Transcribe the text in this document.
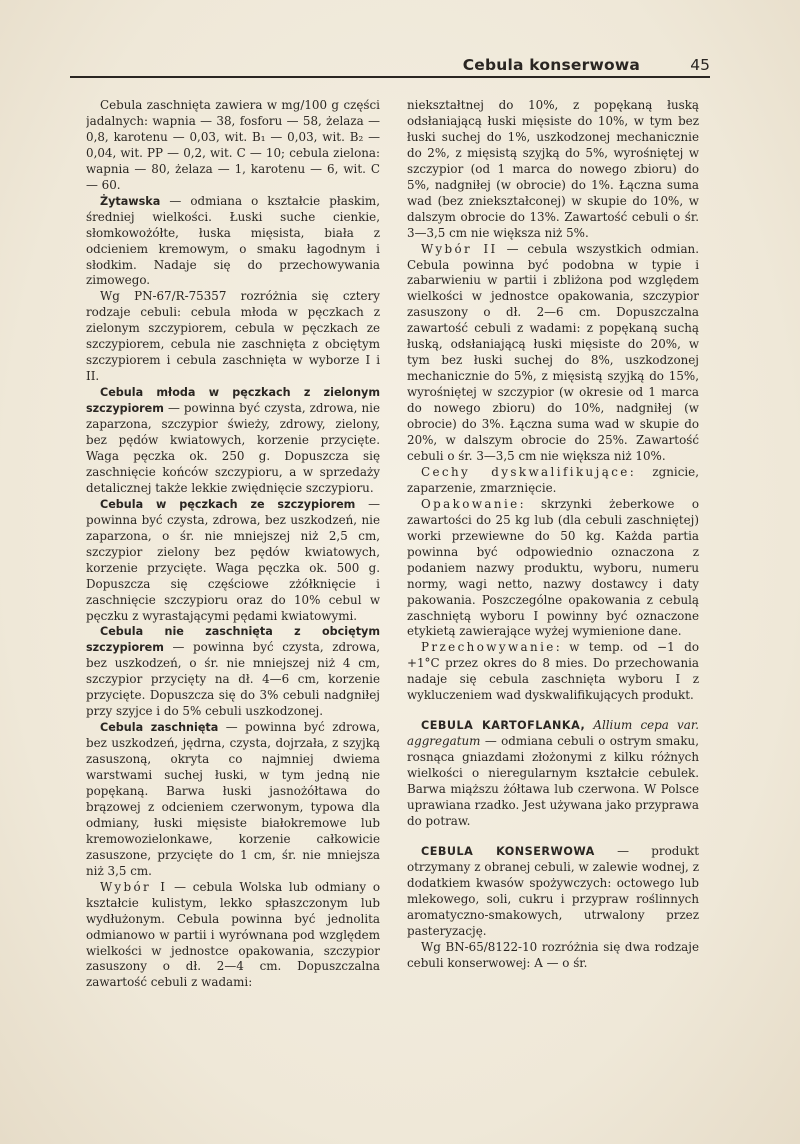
Cebula konserwowa	45

Cebula zaschnięta zawiera w mg/100 g części jadalnych: wapnia — 38, fosforu — 58, żelaza — 0,8, karotenu — 0,03, wit. B₁ — 0,03, wit. B₂ — 0,04, wit. PP — 0,2, wit. C — 10; cebula zielona: wapnia — 80, żelaza — 1, karotenu — 6, wit. C — 60.

Żytawska — odmiana o kształcie płaskim, średniej wielkości. Łuski suche cienkie, słomkowożółte, łuska mięsista, biała z odcieniem kremowym, o smaku łagodnym i słodkim. Nadaje się do przechowywania zimowego.

Wg PN-67/R-75357 rozróżnia się cztery rodzaje cebuli: cebula młoda w pęczkach z zielonym szczypiorem, cebula w pęczkach ze szczypiorem, cebula nie zaschnięta z obciętym szczypiorem i cebula zaschnięta w wyborze I i II.

Cebula młoda w pęczkach z zielonym szczypiorem — powinna być czysta, zdrowa, nie zaparzona, szczypior świeży, zdrowy, zielony, bez pędów kwiatowych, korzenie przycięte. Waga pęczka ok. 250 g. Dopuszcza się zaschnięcie końców szczypioru, a w sprzedaży detalicznej także lekkie zwiędnięcie szczypioru.

Cebula w pęczkach ze szczypiorem — powinna być czysta, zdrowa, bez uszkodzeń, nie zaparzona, o śr. nie mniejszej niż 2,5 cm, szczypior zielony bez pędów kwiatowych, korzenie przycięte. Waga pęczka ok. 500 g. Dopuszcza się częściowe zżółknięcie i zaschnięcie szczypioru oraz do 10% cebul w pęczku z wyrastającymi pędami kwiatowymi.

Cebula nie zaschnięta z obciętym szczypiorem — powinna być czysta, zdrowa, bez uszkodzeń, o śr. nie mniejszej niż 4 cm, szczypior przycięty na dł. 4—6 cm, korzenie przycięte. Dopuszcza się do 3% cebuli nadgniłej przy szyjce i do 5% cebuli uszkodzonej.

Cebula zaschnięta — powinna być zdrowa, bez uszkodzeń, jędrna, czysta, dojrzała, z szyjką zasuszoną, okryta co najmniej dwiema warstwami suchej łuski, w tym jedną nie popękaną. Barwa łuski jasnożółtawa do brązowej z odcieniem czerwonym, typowa dla odmiany, łuski mięsiste białokremowe lub kremowozielonkawe, korzenie całkowicie zasuszone, przycięte do 1 cm, śr. nie mniejsza niż 3,5 cm.

Wybór I — cebula Wolska lub odmiany o kształcie kulistym, lekko spłaszczonym lub wydłużonym. Cebula powinna być jednolita odmianowo w partii i wyrównana pod względem wielkości w jednostce opakowania, szczypior zasuszony o dł. 2—4 cm. Dopuszczalna zawartość cebuli z wadami:

niekształtnej do 10%, z popękaną łuską odsłaniającą łuski mięsiste do 10%, w tym bez łuski suchej do 1%, uszkodzonej mechanicznie do 2%, z mięsistą szyjką do 5%, wyrośniętej w szczypior (od 1 marca do nowego zbioru) do 5%, nadgniłej (w obrocie) do 1%. Łączna suma wad (bez zniekształconej) w skupie do 10%, w dalszym obrocie do 13%. Zawartość cebuli o śr. 3—3,5 cm nie większa niż 5%.

Wybór II — cebula wszystkich odmian. Cebula powinna być podobna w typie i zabarwieniu w partii i zbliżona pod względem wielkości w jednostce opakowania, szczypior zasuszony o dł. 2—6 cm. Dopuszczalna zawartość cebuli z wadami: z popękaną suchą łuską, odsłaniającą łuski mięsiste do 20%, w tym bez łuski suchej do 8%, uszkodzonej mechanicznie do 5%, z mięsistą szyjką do 15%, wyrośniętej w szczypior (w okresie od 1 marca do nowego zbioru) do 10%, nadgniłej (w obrocie) do 3%. Łączna suma wad w skupie do 20%, w dalszym obrocie do 25%. Zawartość cebuli o śr. 3—3,5 cm nie większa niż 10%.

Cechy dyskwalifikujące: zgnicie, zaparzenie, zmarznięcie.

Opakowanie: skrzynki żeberkowe o zawartości do 25 kg lub (dla cebuli zaschniętej) worki przewiewne do 50 kg. Każda partia powinna być odpowiednio oznaczona z podaniem nazwy produktu, wyboru, numeru normy, wagi netto, nazwy dostawcy i daty pakowania. Poszczególne opakowania z cebulą zaschniętą wyboru I powinny być oznaczone etykietą zawierające wyżej wymienione dane.

Przechowywanie: w temp. od −1 do +1°C przez okres do 8 mies. Do przechowania nadaje się cebula zaschnięta wyboru I z wykluczeniem wad dyskwalifikujących produkt.

CEBULA KARTOFLANKA, Allium cepa var. aggregatum — odmiana cebuli o ostrym smaku, rosnąca gniazdami złożonymi z kilku różnych wielkości o nieregularnym kształcie cebulek. Barwa miąższu żółtawa lub czerwona. W Polsce uprawiana rzadko. Jest używana jako przyprawa do potraw.

CEBULA KONSERWOWA — produkt otrzymany z obranej cebuli, w zalewie wodnej, z dodatkiem kwasów spożywczych: octowego lub mlekowego, soli, cukru i przypraw roślinnych aromatyczno-smakowych, utrwalony przez pasteryzację.

Wg BN-65/8122-10 rozróżnia się dwa rodzaje cebuli konserwowej: A — o śr.
